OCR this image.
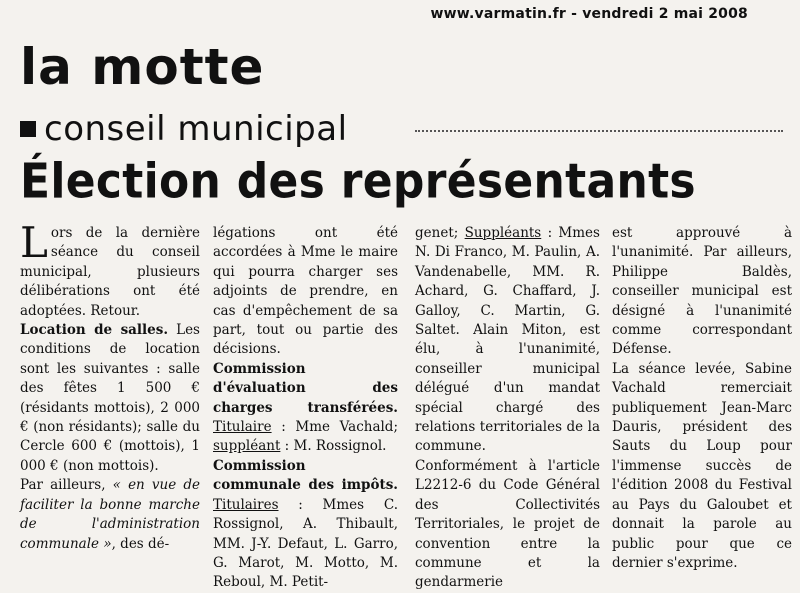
www.varmatin.fr - vendredi 2 mai 2008
la motte
conseil municipal
Élection des représentants

Lors de la dernière séance du conseil municipal, plusieurs délibérations ont été adoptées. Retour.

Location de salles. Les conditions de location sont les suivantes : salle des fêtes 1 500 € (résidants mottois), 2 000 € (non résidants); salle du Cercle 600 € (mottois), 1 000 € (non mottois).

Par ailleurs, « en vue de faciliter la bonne marche de l'administration communale », des dé-

légations ont été accordées à Mme le maire qui pourra charger ses adjoints de prendre, en cas d'empêchement de sa part, tout ou partie des décisions.

Commission d'évaluation des charges transférées. Titulaire : Mme Vachald; suppléant : M. Rossignol.

Commission communale des impôts. Titulaires : Mmes C. Rossignol, A. Thibault, MM. J-Y. Defaut, L. Garro, G. Marot, M. Motto, M. Reboul, M. Petit-

genet; Suppléants : Mmes N. Di Franco, M. Paulin, A. Vandenabelle, MM. R. Achard, G. Chaffard, J. Galloy, C. Martin, G. Saltet. Alain Miton, est élu, à l'unanimité, conseiller municipal délégué d'un mandat spécial chargé des relations territoriales de la commune.

Conformément à l'article L2212-6 du Code Général des Collectivités Territoriales, le projet de convention entre la commune et la gendarmerie

est approuvé à l'unanimité. Par ailleurs, Philippe Baldès, conseiller municipal est désigné à l'unanimité comme correspondant Défense.

La séance levée, Sabine Vachald remerciait publiquement Jean-Marc Dauris, président des Sauts du Loup pour l'immense succès de l'édition 2008 du Festival au Pays du Galoubet et donnait la parole au public pour que ce dernier s'exprime.
